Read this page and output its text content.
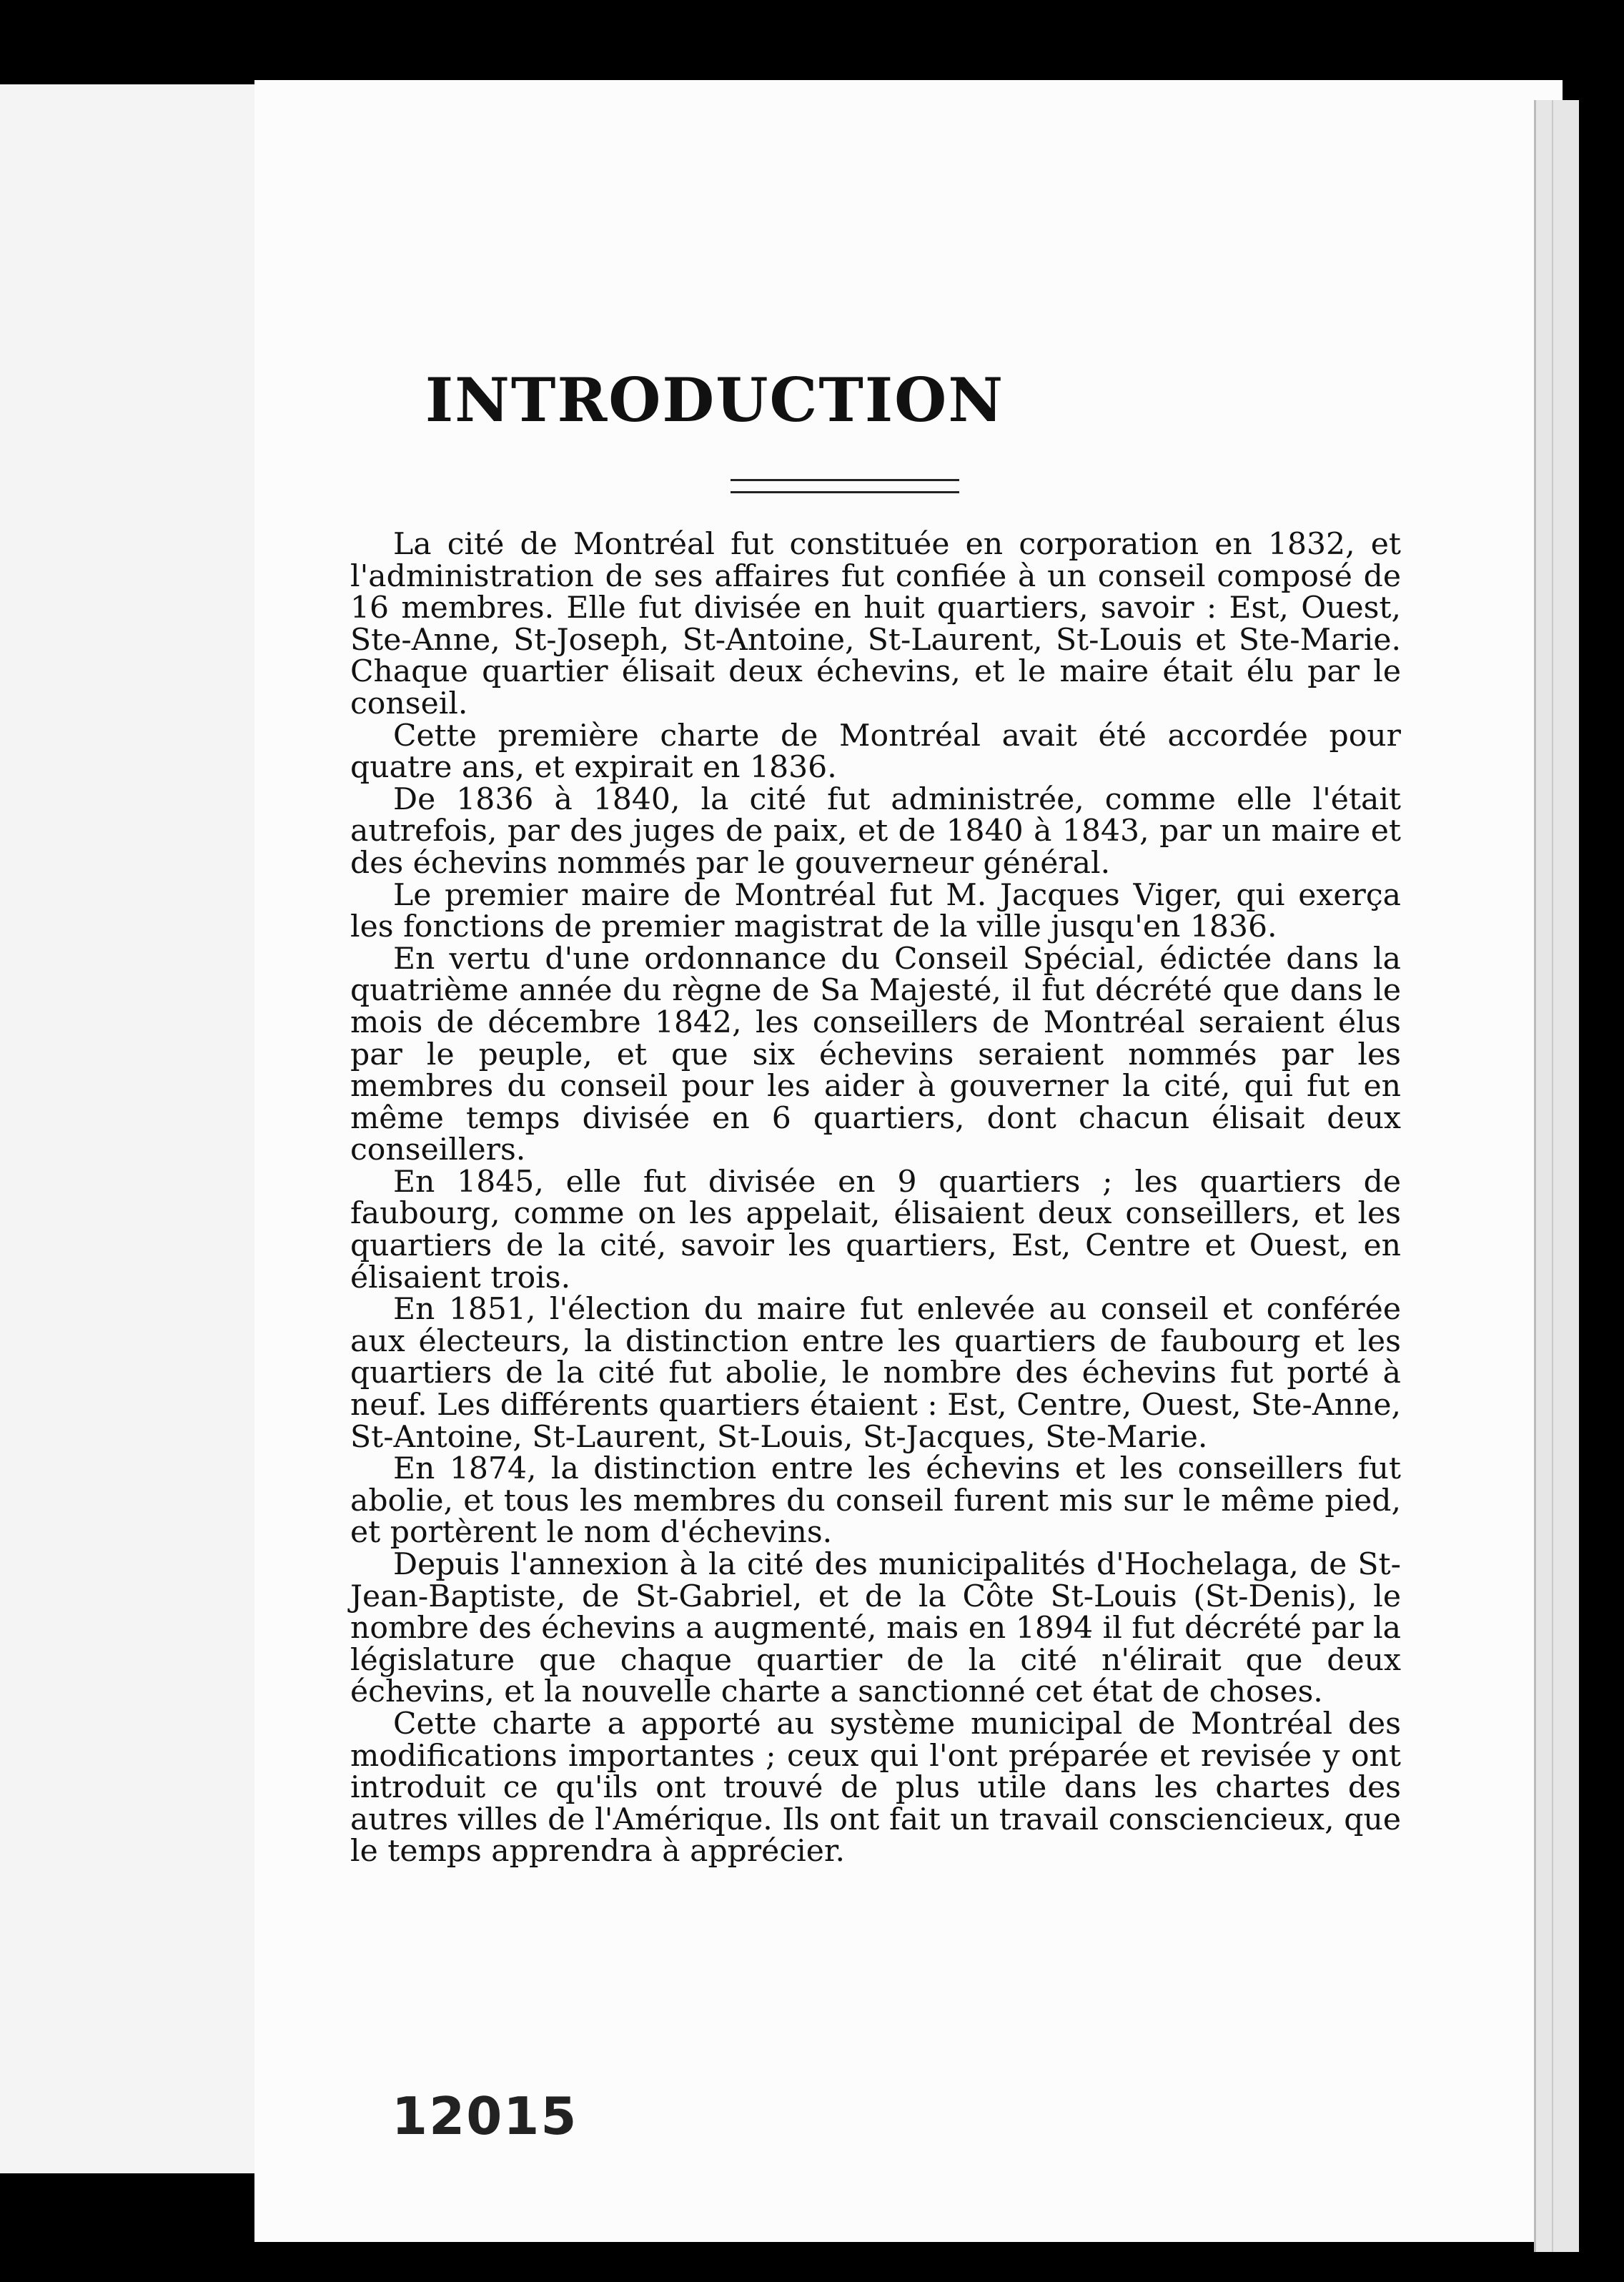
INTRODUCTION

La cité de Montréal fut constituée en corporation en 1832, et l'administration de ses affaires fut confiée à un conseil composé de 16 membres. Elle fut divisée en huit quartiers, savoir : Est, Ouest, Ste-Anne, St-Joseph, St-Antoine, St-Laurent, St-Louis et Ste-Marie. Chaque quartier élisait deux échevins, et le maire était élu par le conseil.

Cette première charte de Montréal avait été accordée pour quatre ans, et expirait en 1836.

De 1836 à 1840, la cité fut administrée, comme elle l'était autrefois, par des juges de paix, et de 1840 à 1843, par un maire et des échevins nommés par le gouverneur général.

Le premier maire de Montréal fut M. Jacques Viger, qui exerça les fonctions de premier magistrat de la ville jusqu'en 1836.

En vertu d'une ordonnance du Conseil Spécial, édictée dans la quatrième année du règne de Sa Majesté, il fut décrété que dans le mois de décembre 1842, les conseillers de Montréal seraient élus par le peuple, et que six échevins seraient nommés par les membres du conseil pour les aider à gouverner la cité, qui fut en même temps divisée en 6 quartiers, dont chacun élisait deux conseillers.

En 1845, elle fut divisée en 9 quartiers ; les quartiers de faubourg, comme on les appelait, élisaient deux conseillers, et les quartiers de la cité, savoir les quartiers, Est, Centre et Ouest, en élisaient trois.

En 1851, l'élection du maire fut enlevée au conseil et conférée aux électeurs, la distinction entre les quartiers de faubourg et les quartiers de la cité fut abolie, le nombre des échevins fut porté à neuf. Les différents quartiers étaient : Est, Centre, Ouest, Ste-Anne, St-Antoine, St-Laurent, St-Louis, St-Jacques, Ste-Marie.

En 1874, la distinction entre les échevins et les conseillers fut abolie, et tous les membres du conseil furent mis sur le même pied, et portèrent le nom d'échevins.

Depuis l'annexion à la cité des municipalités d'Hochelaga, de St-Jean-Baptiste, de St-Gabriel, et de la Côte St-Louis (St-Denis), le nombre des échevins a augmenté, mais en 1894 il fut décrété par la législature que chaque quartier de la cité n'élirait que deux échevins, et la nouvelle charte a sanctionné cet état de choses.

Cette charte a apporté au système municipal de Montréal des modifications importantes ; ceux qui l'ont préparée et revisée y ont introduit ce qu'ils ont trouvé de plus utile dans les chartes des autres villes de l'Amérique. Ils ont fait un travail consciencieux, que le temps apprendra à apprécier.

12015
